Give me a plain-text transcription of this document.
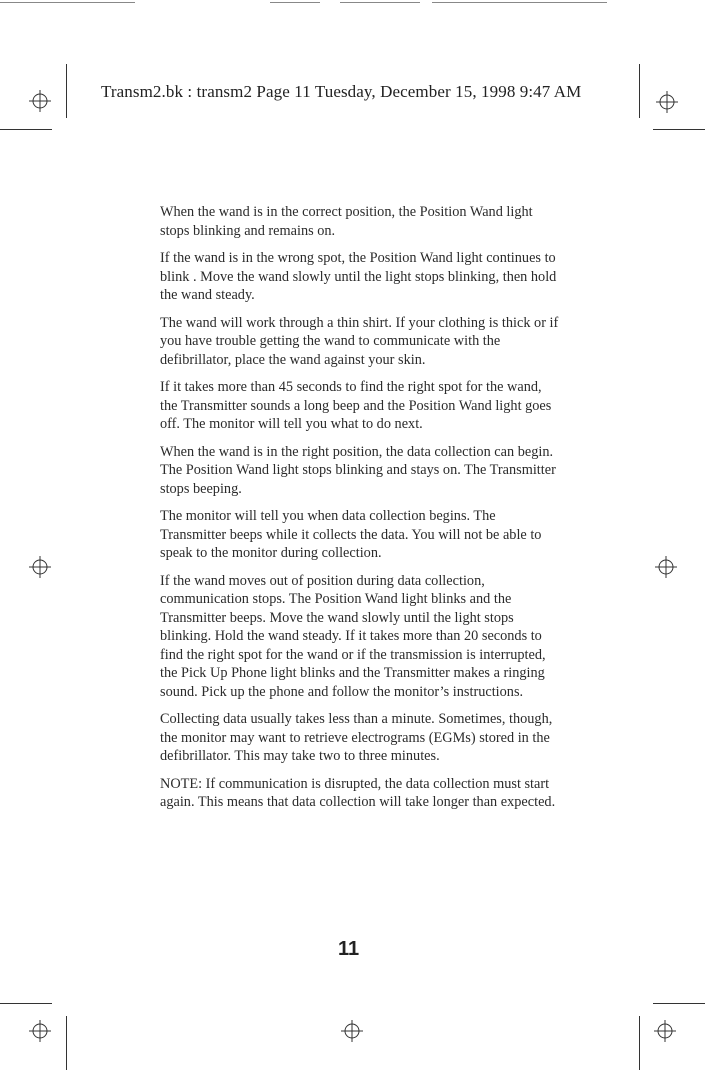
Transm2.bk : transm2 Page 11 Tuesday, December 15, 1998 9:47 AM

When the wand is in the correct position, the Position Wand light stops blinking and remains on.

If the wand is in the wrong spot, the Position Wand light continues to blink . Move the wand slowly until the light stops blinking, then hold the wand steady.

The wand will work through a thin shirt. If your clothing is thick or if you have trouble getting the wand to communicate with the defibrillator, place the wand against your skin.

If it takes more than 45 seconds to find the right spot for the wand, the Transmitter sounds a long beep and the Position Wand light goes off. The monitor will tell you what to do next.

When the wand is in the right position, the data collection can begin. The Position Wand light stops blinking and stays on. The Transmitter stops beeping.

The monitor will tell you when data collection begins. The Transmitter beeps while it collects the data. You will not be able to speak to the monitor during collection.

If the wand moves out of position during data collection, communication stops. The Position Wand light blinks and the Transmitter beeps. Move the wand slowly until the light stops blinking. Hold the wand steady. If it takes more than 20 seconds to find the right spot for the wand or if the transmission is interrupted, the Pick Up Phone light blinks and the Transmitter makes a ringing sound. Pick up the phone and follow the monitor’s instructions.

Collecting data usually takes less than a minute. Sometimes, though, the monitor may want to retrieve electrograms (EGMs) stored in the defibrillator. This may take two to three minutes.

NOTE: If communication is disrupted, the data collection must start again. This means that data collection will take longer than expected.

11
